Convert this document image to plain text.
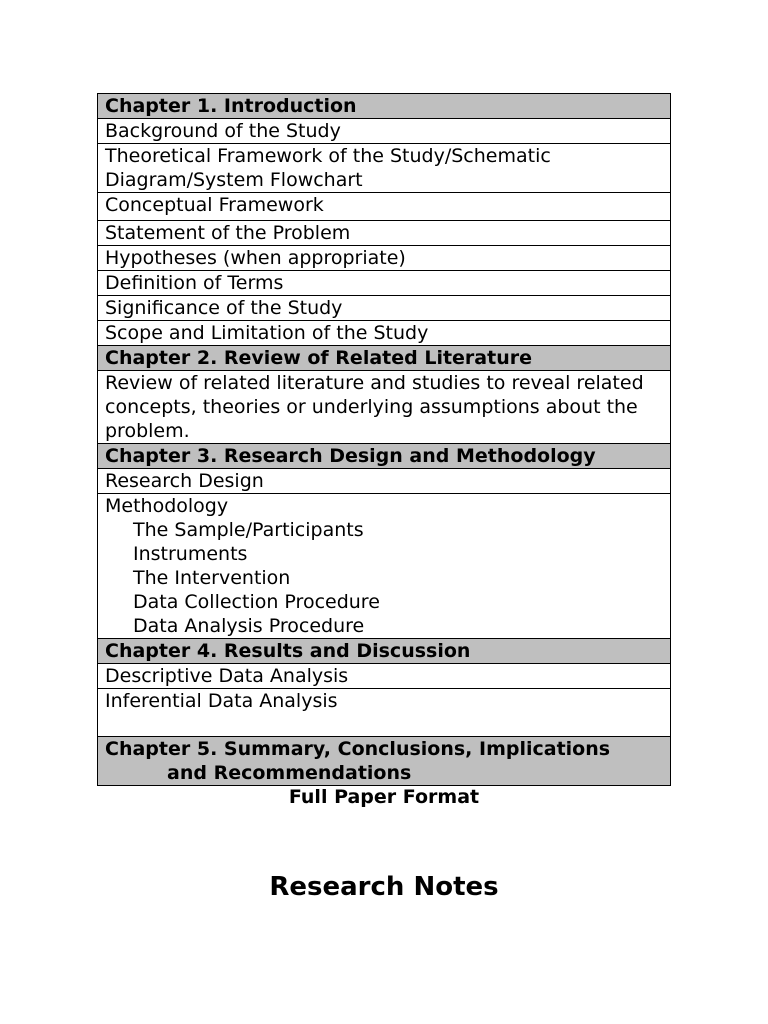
Chapter 1. Introduction
Background of the Study
Theoretical Framework of the Study/Schematic Diagram/System Flowchart
Conceptual Framework
Statement of the Problem
Hypotheses (when appropriate)
Definition of Terms
Significance of the Study
Scope and Limitation of the Study
Chapter 2. Review of Related Literature
Review of related literature and studies to reveal related concepts, theories or underlying assumptions about the problem.
Chapter 3. Research Design and Methodology
Research Design

Methodology
The Sample/Participants
Instruments
The Intervention
Data Collection Procedure
Data Analysis Procedure

Chapter 4. Results and Discussion
Descriptive Data Analysis
Inferential Data Analysis

Chapter 5. Summary, Conclusions, Implications
and Recommendations
Full Paper Format
Research Notes
